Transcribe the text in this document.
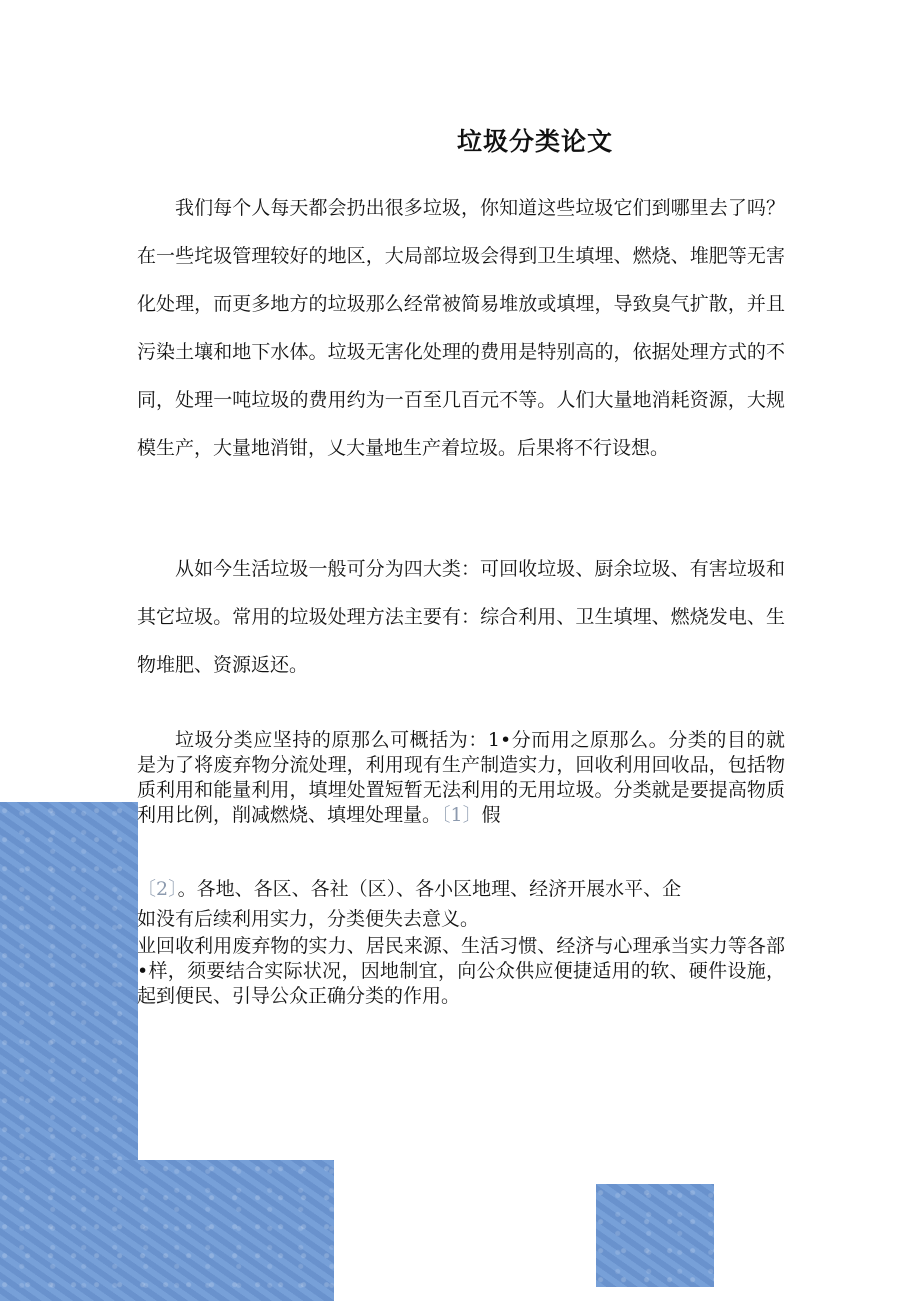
垃圾分类论文

我们每个人每天都会扔出很多垃圾，你知道这些垃圾它们到哪里去了吗？在一些垞圾管理较好的地区，大局部垃圾会得到卫生填埋、燃烧、堆肥等无害化处理，而更多地方的垃圾那么经常被简易堆放或填埋，导致臭气扩散，并且污染土壤和地下水体。垃圾无害化处理的费用是特别高的，依据处理方式的不同，处理一吨垃圾的费用约为一百至几百元不等。人们大量地消耗资源，大规模生产，大量地消钳，乂大量地生产着垃圾。后果将不行设想。

从如今生活垃圾一般可分为四大类：可回收垃圾、厨余垃圾、有害垃圾和其它垃圾。常用的垃圾处理方法主要有：综合利用、卫生填埋、燃烧发电、生物堆肥、资源返还。

垃圾分类应坚持的原那么可概括为：1•分而用之原那么。分类的目的就是为了将废弃物分流处理，利用现有生产制造实力，回收利用回收品，包括物质利用和能量利用，填埋处置短暂无法利用的无用垃圾。分类就是要提高物质利用比例，削减燃烧、填埋处理量。〔1〕假

〔2〕。各地、各区、各社（区）、各小区地理、经济开展水平、企

如没有后续利用实力，分类便失去意义。

业回收利用废弃物的实力、居民来源、生活习惯、经济与心理承当实力等各部•样，须要结合实际状况，因地制宜，向公众供应便捷适用的软、硬件设施，起到便民、引导公众正确分类的作用。
